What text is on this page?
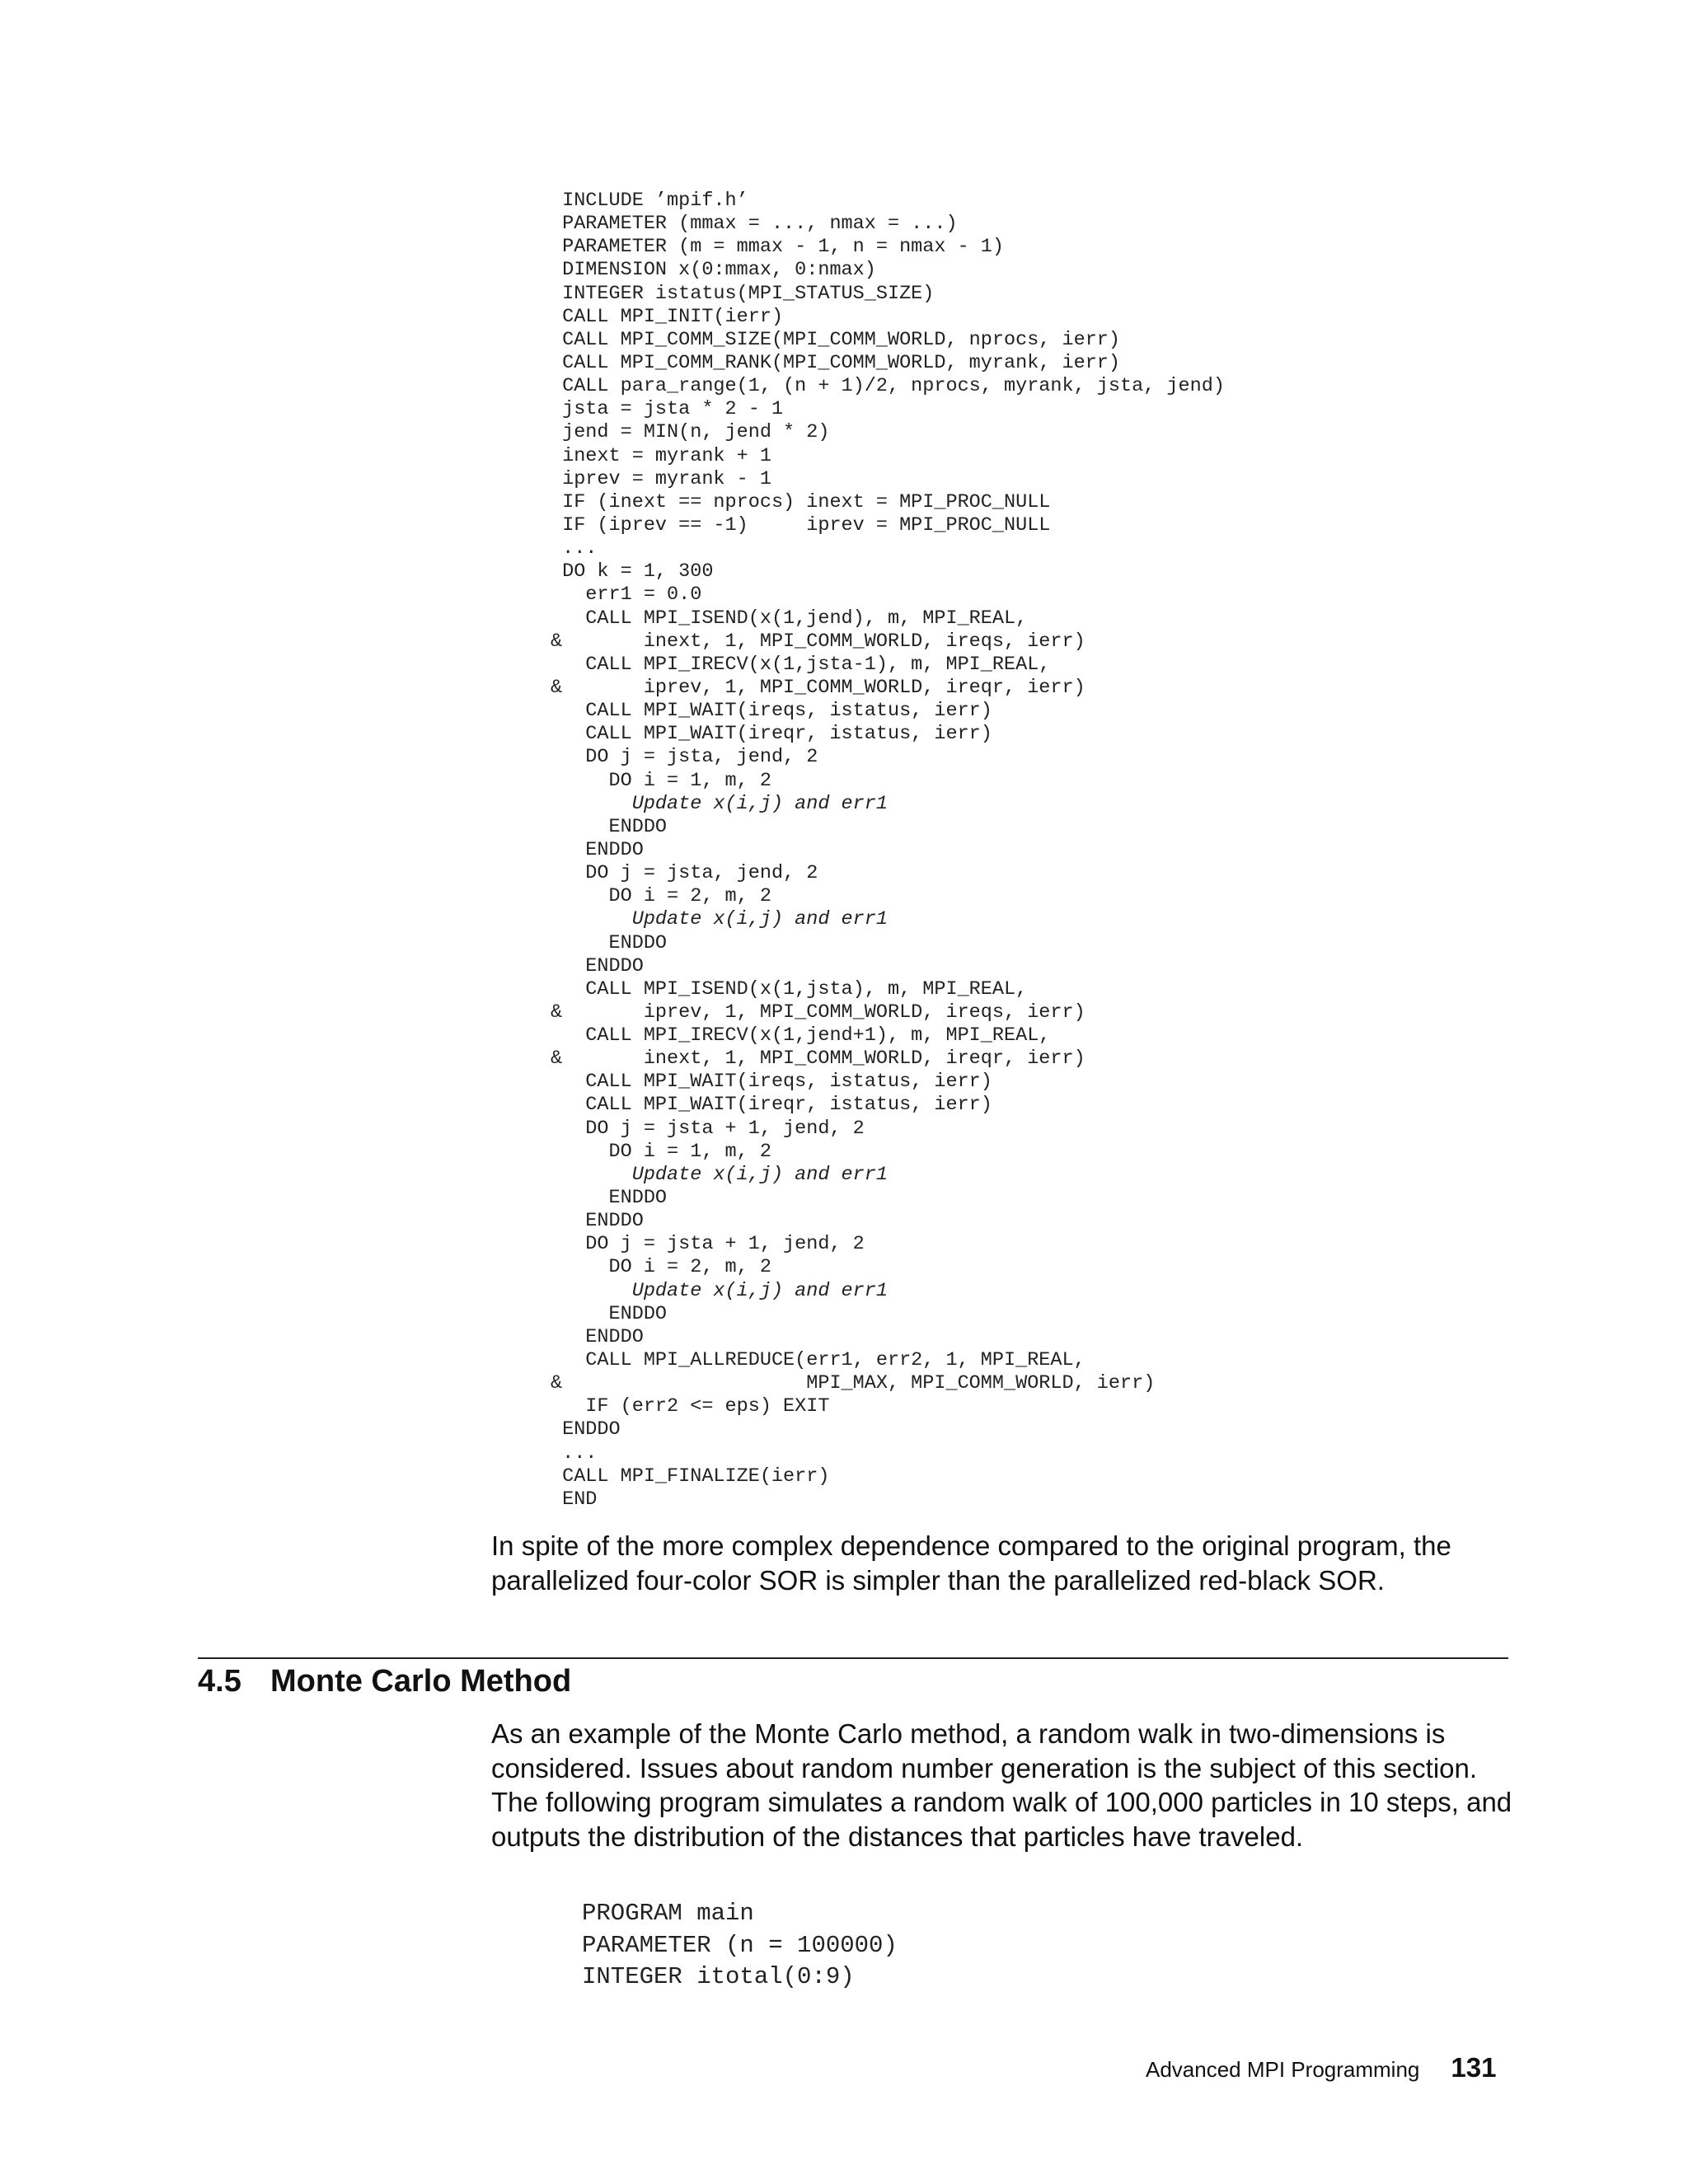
INCLUDE ’mpif.h’
PARAMETER (mmax = ..., nmax = ...)
PARAMETER (m = mmax - 1, n = nmax - 1)
DIMENSION x(0:mmax, 0:nmax)
INTEGER istatus(MPI_STATUS_SIZE)
CALL MPI_INIT(ierr)
CALL MPI_COMM_SIZE(MPI_COMM_WORLD, nprocs, ierr)
CALL MPI_COMM_RANK(MPI_COMM_WORLD, myrank, ierr)
CALL para_range(1, (n + 1)/2, nprocs, myrank, jsta, jend)
jsta = jsta * 2 - 1
jend = MIN(n, jend * 2)
inext = myrank + 1
iprev = myrank - 1
IF (inext == nprocs) inext = MPI_PROC_NULL
IF (iprev == -1)     iprev = MPI_PROC_NULL
...
DO k = 1, 300
err1 = 0.0
CALL MPI_ISEND(x(1,jend), m, MPI_REAL,
&       inext, 1, MPI_COMM_WORLD, ireqs, ierr)
CALL MPI_IRECV(x(1,jsta-1), m, MPI_REAL,
&       iprev, 1, MPI_COMM_WORLD, ireqr, ierr)
CALL MPI_WAIT(ireqs, istatus, ierr)
CALL MPI_WAIT(ireqr, istatus, ierr)
DO j = jsta, jend, 2
DO i = 1, m, 2
Update x(i,j) and err1
ENDDO
ENDDO
DO j = jsta, jend, 2
DO i = 2, m, 2
Update x(i,j) and err1
ENDDO
ENDDO
CALL MPI_ISEND(x(1,jsta), m, MPI_REAL,
&       iprev, 1, MPI_COMM_WORLD, ireqs, ierr)
CALL MPI_IRECV(x(1,jend+1), m, MPI_REAL,
&       inext, 1, MPI_COMM_WORLD, ireqr, ierr)
CALL MPI_WAIT(ireqs, istatus, ierr)
CALL MPI_WAIT(ireqr, istatus, ierr)
DO j = jsta + 1, jend, 2
DO i = 1, m, 2
Update x(i,j) and err1
ENDDO
ENDDO
DO j = jsta + 1, jend, 2
DO i = 2, m, 2
Update x(i,j) and err1
ENDDO
ENDDO
CALL MPI_ALLREDUCE(err1, err2, 1, MPI_REAL,
&                     MPI_MAX, MPI_COMM_WORLD, ierr)
IF (err2 <= eps) EXIT
ENDDO
...
CALL MPI_FINALIZE(ierr)
END

In spite of the more complex dependence compared to the original program, the parallelized four-color SOR is simpler than the parallelized red-black SOR.

4.5 Monte Carlo Method

As an example of the Monte Carlo method, a random walk in two-dimensions is considered. Issues about random number generation is the subject of this section. The following program simulates a random walk of 100,000 particles in 10 steps, and outputs the distribution of the distances that particles have traveled.

PROGRAM main
PARAMETER (n = 100000)
INTEGER itotal(0:9)
Advanced MPI Programming 131
